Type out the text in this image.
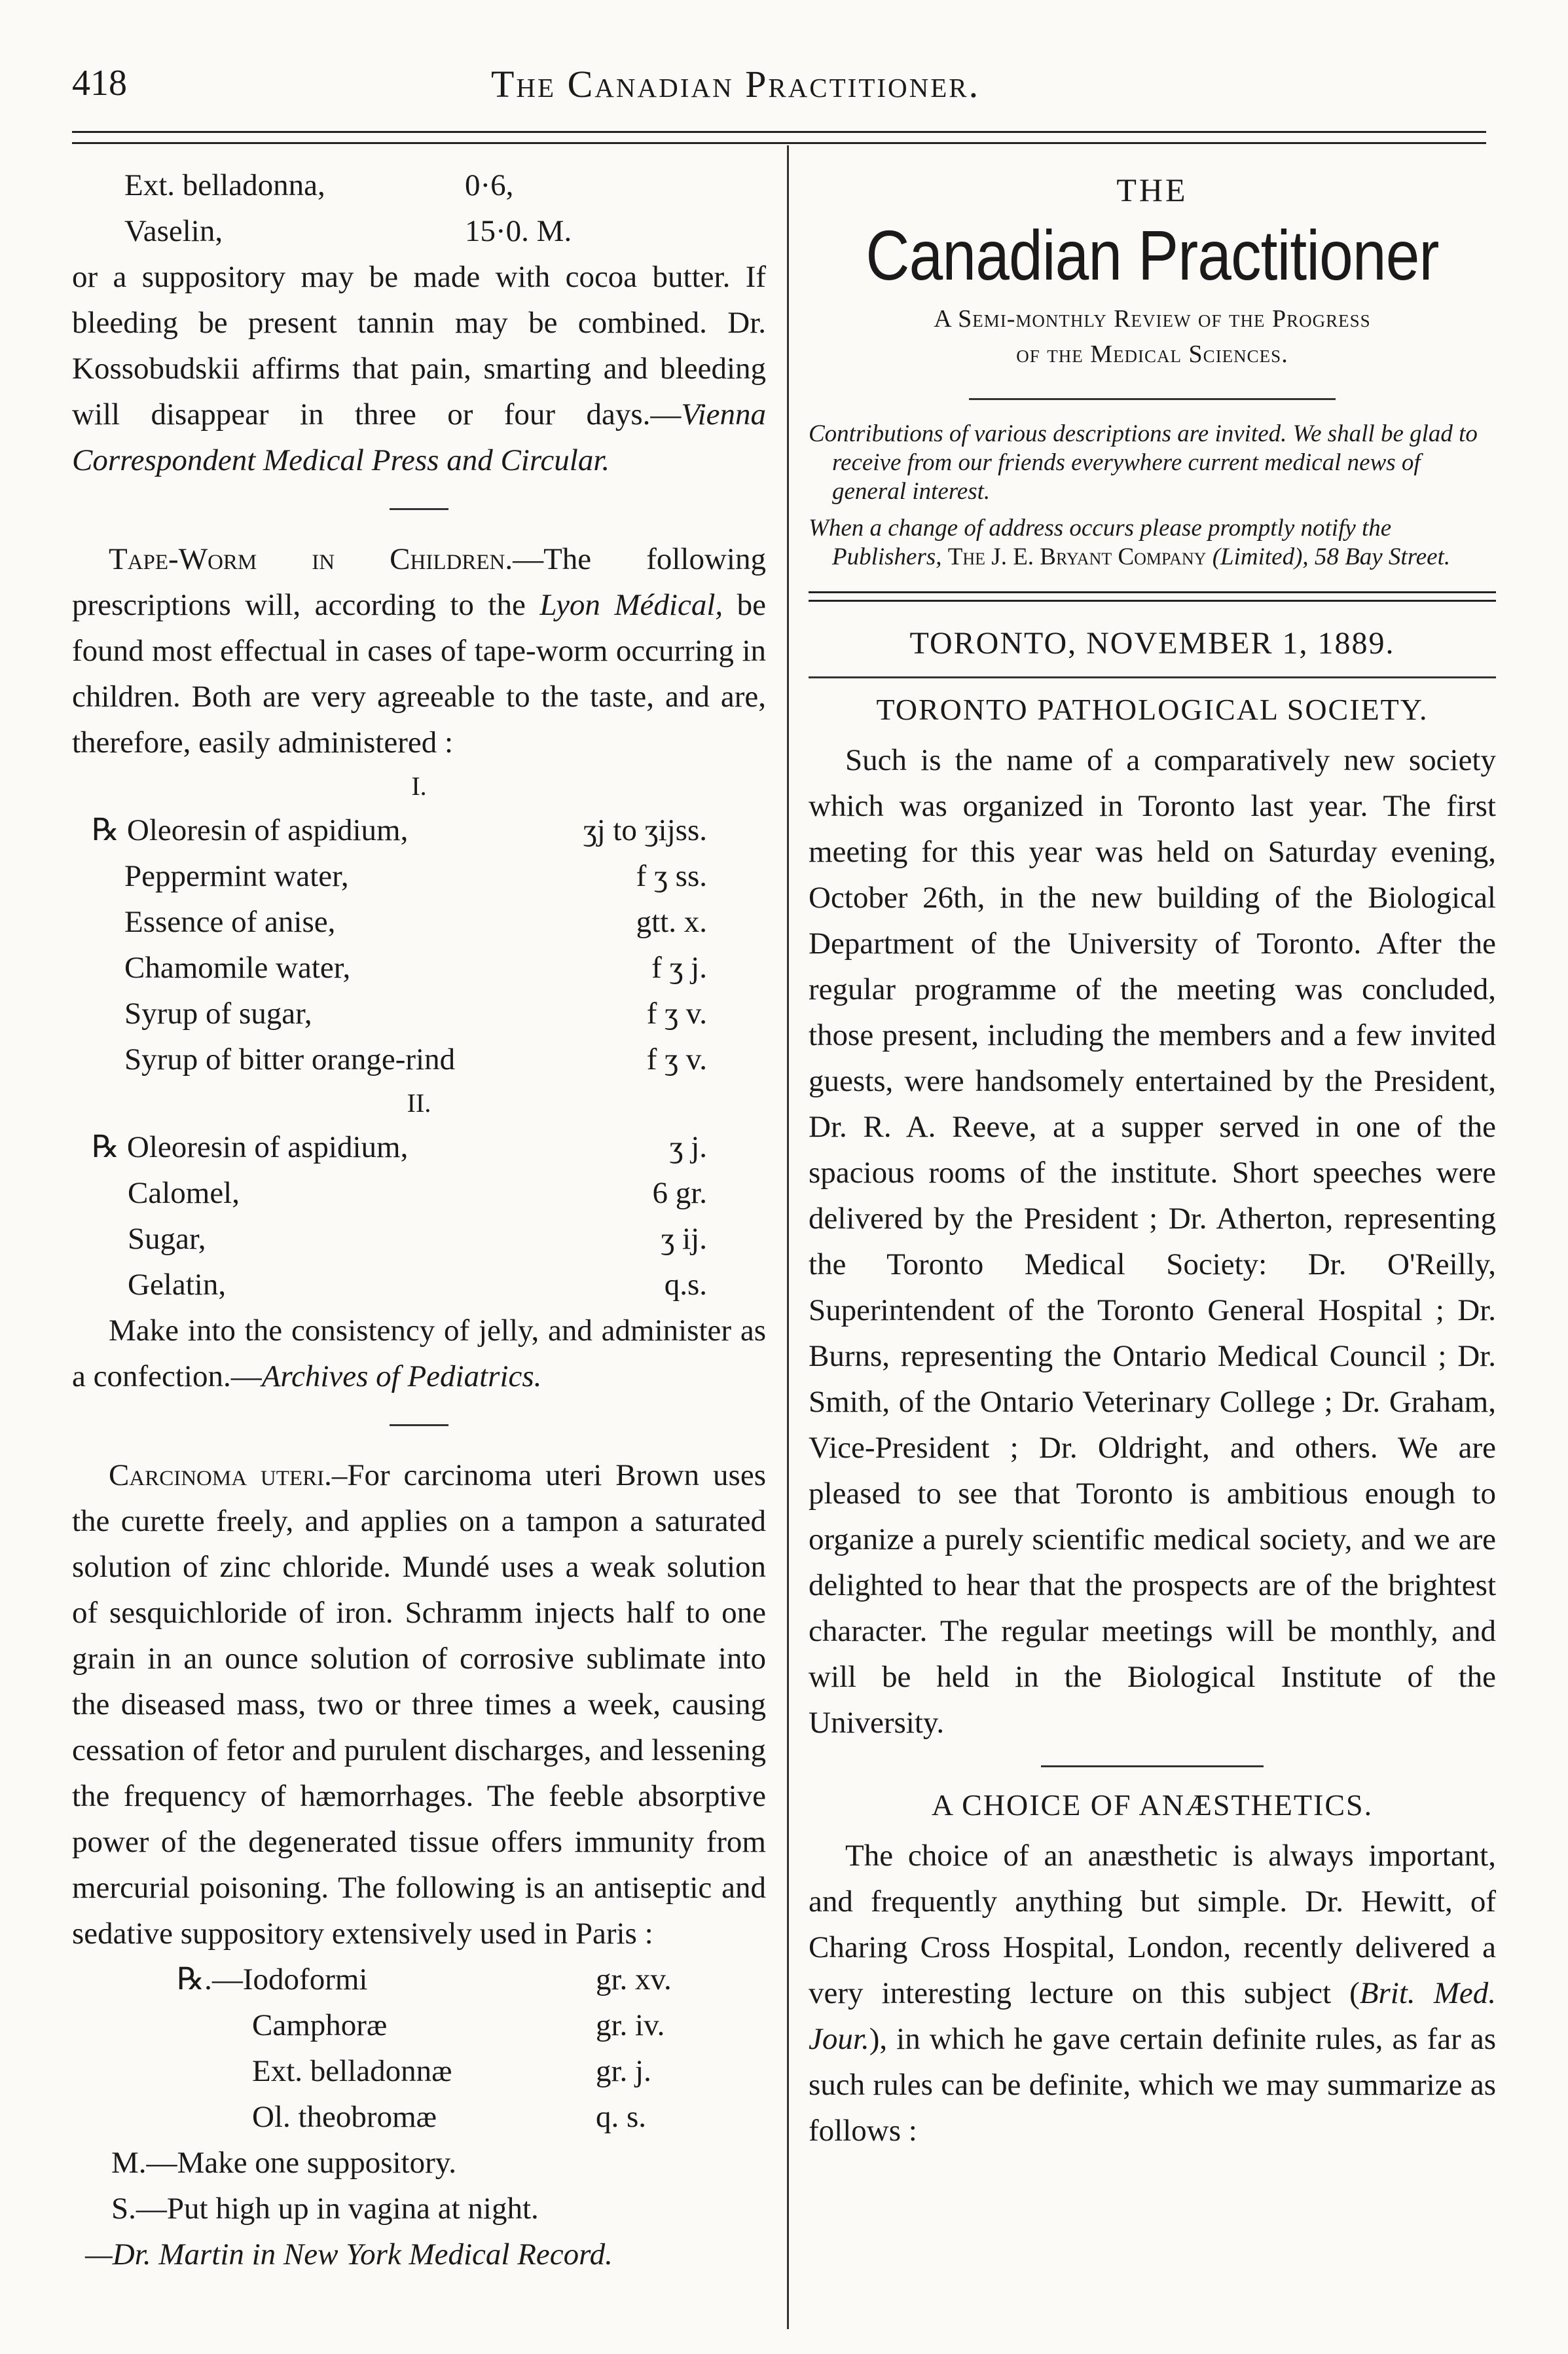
418	The Canadian Practitioner.
Ext. belladonna,	0·6,
Vaselin,	15·0. M.

or a suppository may be made with cocoa butter. If bleeding be present tannin may be combined. Dr. Kossobudskii affirms that pain, smarting and bleeding will disappear in three or four days.—Vienna Correspondent Medical Press and Circular.

Tape-Worm in Children.—The following prescriptions will, according to the Lyon Médical, be found most effectual in cases of tape-worm occurring in children. Both are very agreeable to the taste, and are, therefore, easily administered :

I.
℞ Oleoresin of aspidium,	ʒj to ʒijss.
Peppermint water,	f ʒ ss.
Essence of anise,	gtt. x.
Chamomile water,	f ʒ j.
Syrup of sugar,	f ʒ v.
Syrup of bitter orange-rind	f ʒ v.
II.
℞ Oleoresin of aspidium,	ʒ j.
Calomel,	6 gr.
Sugar,	ʒ ij.
Gelatin,	q.s.

Make into the consistency of jelly, and administer as a confection.—Archives of Pediatrics.

Carcinoma uteri.–For carcinoma uteri Brown uses the curette freely, and applies on a tampon a saturated solution of zinc chloride. Mundé uses a weak solution of sesquichloride of iron. Schramm injects half to one grain in an ounce solution of corrosive sublimate into the diseased mass, two or three times a week, causing cessation of fetor and purulent discharges, and lessening the frequency of hæmorrhages. The feeble absorptive power of the degenerated tissue offers immunity from mercurial poisoning. The following is an antiseptic and sedative suppository extensively used in Paris :

℞.—Iodoformi	gr. xv.
Camphoræ	gr. iv.
Ext. belladonnæ	gr. j.
Ol. theobromæ	q. s.
M.—Make one suppository.
S.—Put high up in vagina at night.
—Dr. Martin in New York Medical Record.
THE
Canadian Practitioner
A Semi-monthly Review of the Progress
of the Medical Sciences.
Contributions of various descriptions are invited. We shall be glad to receive from our friends everywhere current medical news of general interest.
When a change of address occurs please promptly notify the Publishers, The J. E. Bryant Company (Limited), 58 Bay Street.
TORONTO, NOVEMBER 1, 1889.
TORONTO PATHOLOGICAL SOCIETY.

Such is the name of a comparatively new society which was organized in Toronto last year. The first meeting for this year was held on Saturday evening, October 26th, in the new building of the Biological Department of the University of Toronto. After the regular programme of the meeting was concluded, those present, including the members and a few invited guests, were handsomely entertained by the President, Dr. R. A. Reeve, at a supper served in one of the spacious rooms of the institute. Short speeches were delivered by the President ; Dr. Atherton, representing the Toronto Medical Society: Dr. O'Reilly, Superintendent of the Toronto General Hospital ; Dr. Burns, representing the Ontario Medical Council ; Dr. Smith, of the Ontario Veterinary College ; Dr. Graham, Vice-President ; Dr. Oldright, and others. We are pleased to see that Toronto is ambitious enough to organize a purely scientific medical society, and we are delighted to hear that the prospects are of the brightest character. The regular meetings will be monthly, and will be held in the Biological Institute of the University.

A CHOICE OF ANÆSTHETICS.

The choice of an anæsthetic is always important, and frequently anything but simple. Dr. Hewitt, of Charing Cross Hospital, London, recently delivered a very interesting lecture on this subject (Brit. Med. Jour.), in which he gave certain definite rules, as far as such rules can be definite, which we may summarize as follows :
